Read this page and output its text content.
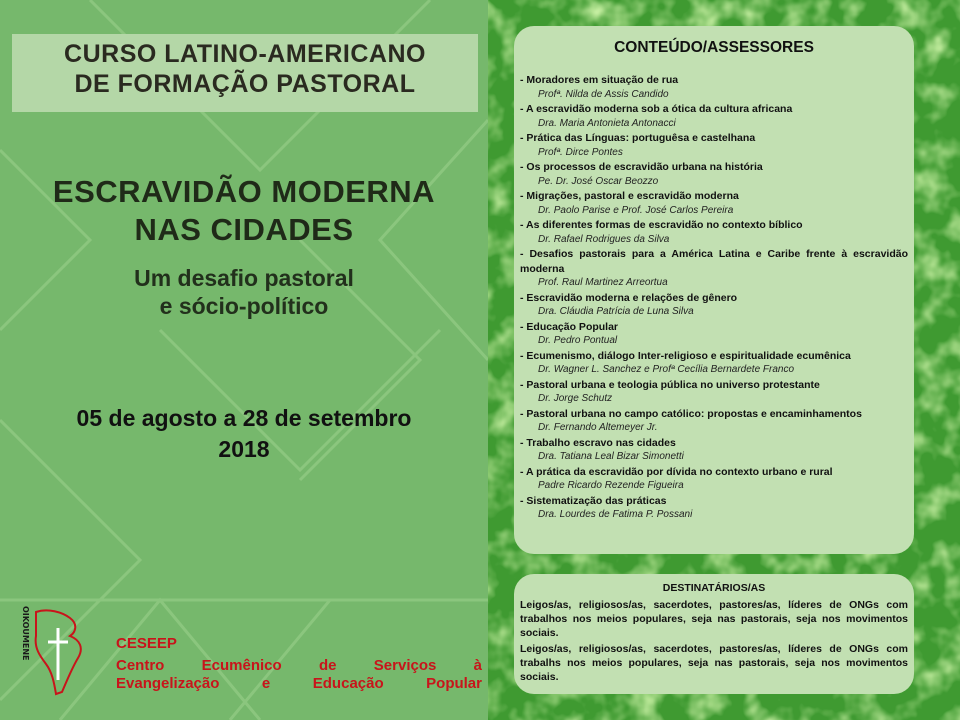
CURSO LATINO-AMERICANO
DE FORMAÇÃO PASTORAL
ESCRAVIDÃO MODERNA
NAS CIDADES
Um desafio pastoral
e sócio-político
05 de agosto a 28 de setembro
2018
OIKOUMENE	CESEEP
Centro Ecumênico de Serviços à
Evangelização e Educação Popular
CONTEÚDO/ASSESSORES
- Moradores em situação de rua
Profª. Nilda de Assis Candido
- A escravidão moderna sob a ótica da cultura africana
Dra. Maria Antonieta Antonacci
- Prática das Línguas: portuguêsa e castelhana
Profª. Dirce Pontes
- Os processos de escravidão urbana na história
Pe. Dr. José Oscar Beozzo
- Migrações, pastoral e escravidão moderna
Dr. Paolo Parise e Prof. José Carlos Pereira
- As diferentes formas de escravidão no contexto bíblico
Dr. Rafael Rodrigues da Silva
- Desafios pastorais para a América Latina e Caribe frente à escravidão moderna
Prof. Raul Martinez Arreortua
- Escravidão moderna e relações de gênero
Dra. Cláudia Patrícia de Luna Silva
- Educação Popular
Dr. Pedro Pontual
- Ecumenismo, diálogo Inter-religioso e espiritualidade ecumênica
Dr. Wagner L. Sanchez e Profª Cecília Bernardete Franco
- Pastoral urbana e teologia pública no universo protestante
Dr. Jorge Schutz
- Pastoral urbana no campo católico: propostas e encaminhamentos
Dr. Fernando Altemeyer Jr.
- Trabalho escravo nas cidades
Dra. Tatiana Leal Bizar Simonetti
- A prática da escravidão por dívida no contexto urbano e rural
Padre Ricardo Rezende Figueira
- Sistematização das práticas
Dra. Lourdes de Fatima P. Possani
DESTINATÁRIOS/AS
Leigos/as, religiosos/as, sacerdotes, pastores/as, líderes de ONGs com trabalhos nos meios populares, seja nas pastorais, seja nos movimentos sociais.
Leigos/as, religiosos/as, sacerdotes, pastores/as, líderes de ONGs com trabalhs nos meios populares, seja nas pastorais, seja nos movimentos sociais.
